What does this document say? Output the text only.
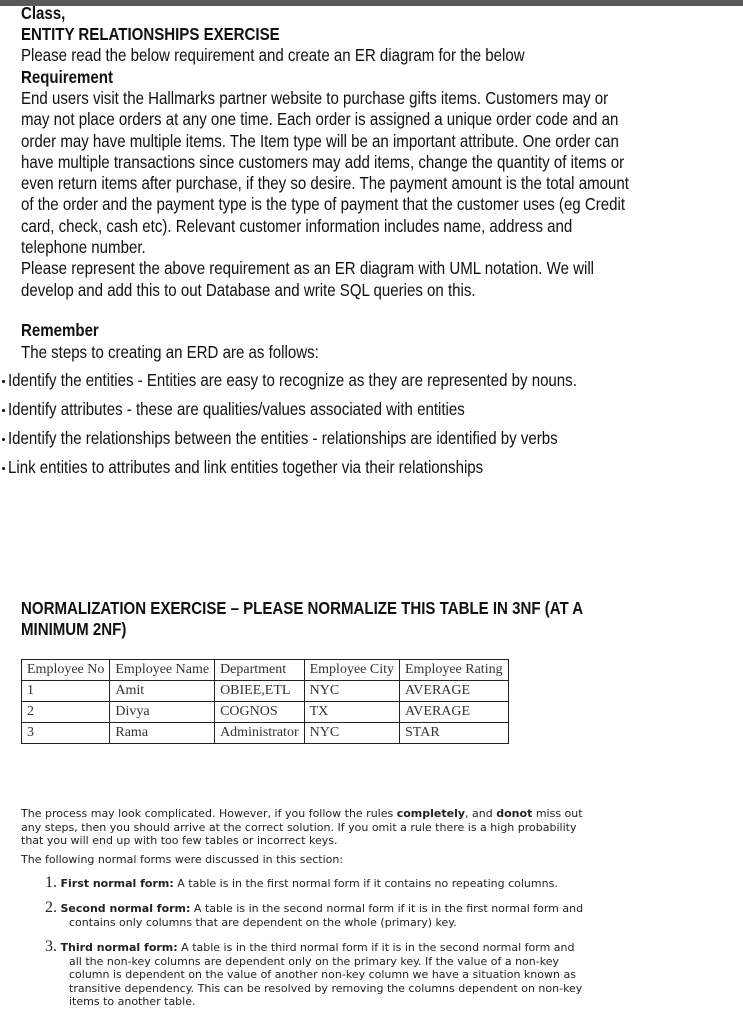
Class,
ENTITY RELATIONSHIPS EXERCISE
Please read the below requirement and create an ER diagram for the below
Requirement
End users visit the Hallmarks partner website to purchase gifts items. Customers may or
may not place orders at any one time. Each order is assigned a unique order code and an
order may have multiple items. The Item type will be an important attribute. One order can
have multiple transactions since customers may add items, change the quantity of items or
even return items after purchase, if they so desire. The payment amount is the total amount
of the order and the payment type is the type of payment that the customer uses (eg Credit
card, check, cash etc). Relevant customer information includes name, address and
telephone number.
Please represent the above requirement as an ER diagram with UML notation. We will
develop and add this to out Database and write SQL queries on this.
Remember
The steps to creating an ERD are as follows:
Identify the entities - Entities are easy to recognize as they are represented by nouns.
Identify attributes - these are qualities/values associated with entities
Identify the relationships between the entities - relationships are identified by verbs
Link entities to attributes and link entities together via their relationships
NORMALIZATION EXERCISE – PLEASE NORMALIZE THIS TABLE IN 3NF (AT A
MINIMUM 2NF)
Employee No	Employee Name	Department	Employee City	Employee Rating
1	Amit	OBIEE,ETL	NYC	AVERAGE
2	Divya	COGNOS	TX	AVERAGE
3	Rama	Administrator	NYC	STAR
The process may look complicated. However, if you follow the rules completely, and donot miss out
any steps, then you should arrive at the correct solution. If you omit a rule there is a high probability
that you will end up with too few tables or incorrect keys.
The following normal forms were discussed in this section:
1. First normal form: A table is in the first normal form if it contains no repeating columns.
2. Second normal form: A table is in the second normal form if it is in the first normal form and
contains only columns that are dependent on the whole (primary) key.
3. Third normal form: A table is in the third normal form if it is in the second normal form and
all the non-key columns are dependent only on the primary key. If the value of a non-key
column is dependent on the value of another non-key column we have a situation known as
transitive dependency. This can be resolved by removing the columns dependent on non-key
items to another table.
